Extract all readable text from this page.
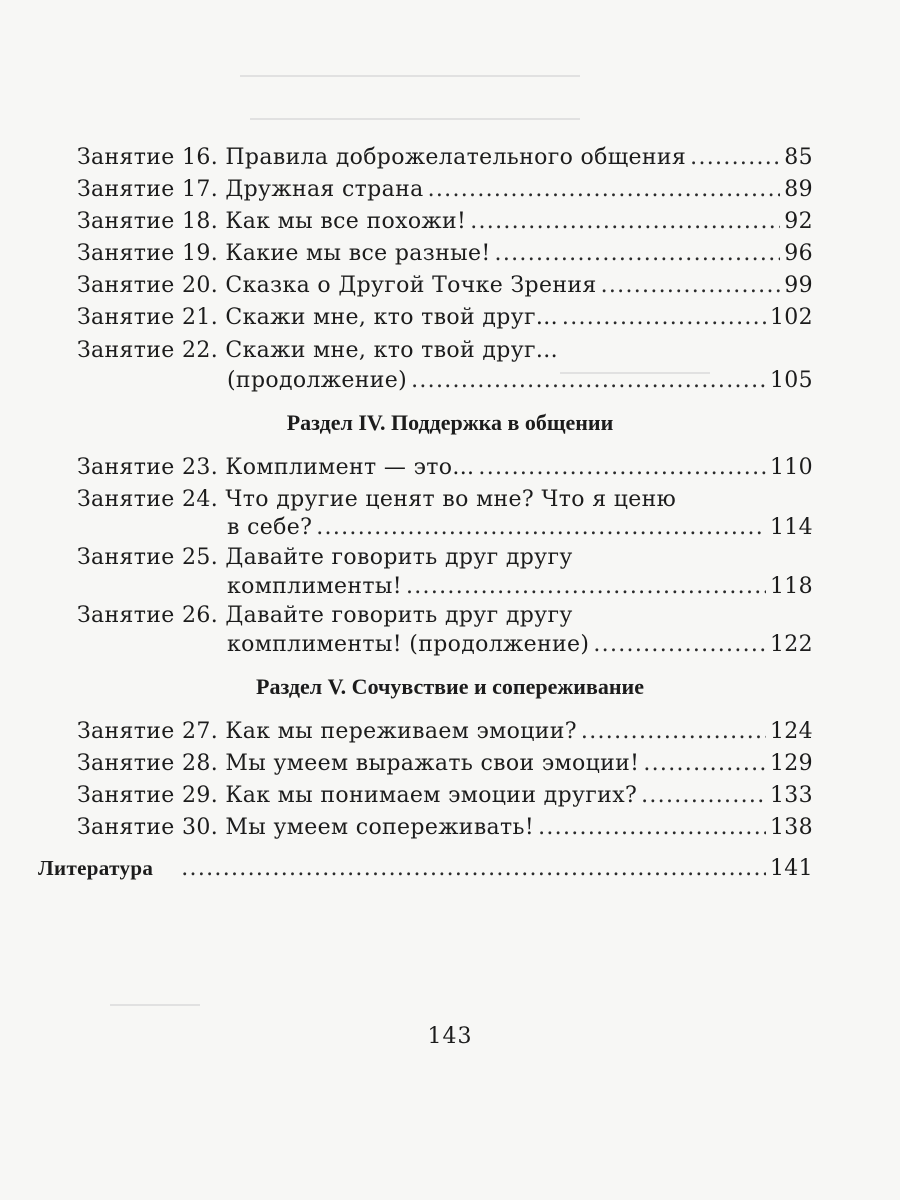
Занятие 16. Правила доброжелательного общения .....	85
Занятие 17. Дружная страна .....	89
Занятие 18. Как мы все похожи! .....	92
Занятие 19. Какие мы все разные! .....	96
Занятие 20. Сказка о Другой Точке Зрения .....	99
Занятие 21. Скажи мне, кто твой друг... .....	102
Занятие 22. Скажи мне, кто твой друг...
(продолжение) .....	105
Раздел IV. Поддержка в общении
Занятие 23. Комплимент — это... .....	110
Занятие 24. Что другие ценят во мне? Что я ценю
в себе? .....	114
Занятие 25. Давайте говорить друг другу
комплименты! .....	118
Занятие 26. Давайте говорить друг другу
комплименты! (продолжение) .....	122
Раздел V. Сочувствие и сопереживание
Занятие 27. Как мы переживаем эмоции? .....	124
Занятие 28. Мы умеем выражать свои эмоции! .....	129
Занятие 29. Как мы понимаем эмоции других? .....	133
Занятие 30. Мы умеем сопереживать! .....	138
Литература .....	141
143
